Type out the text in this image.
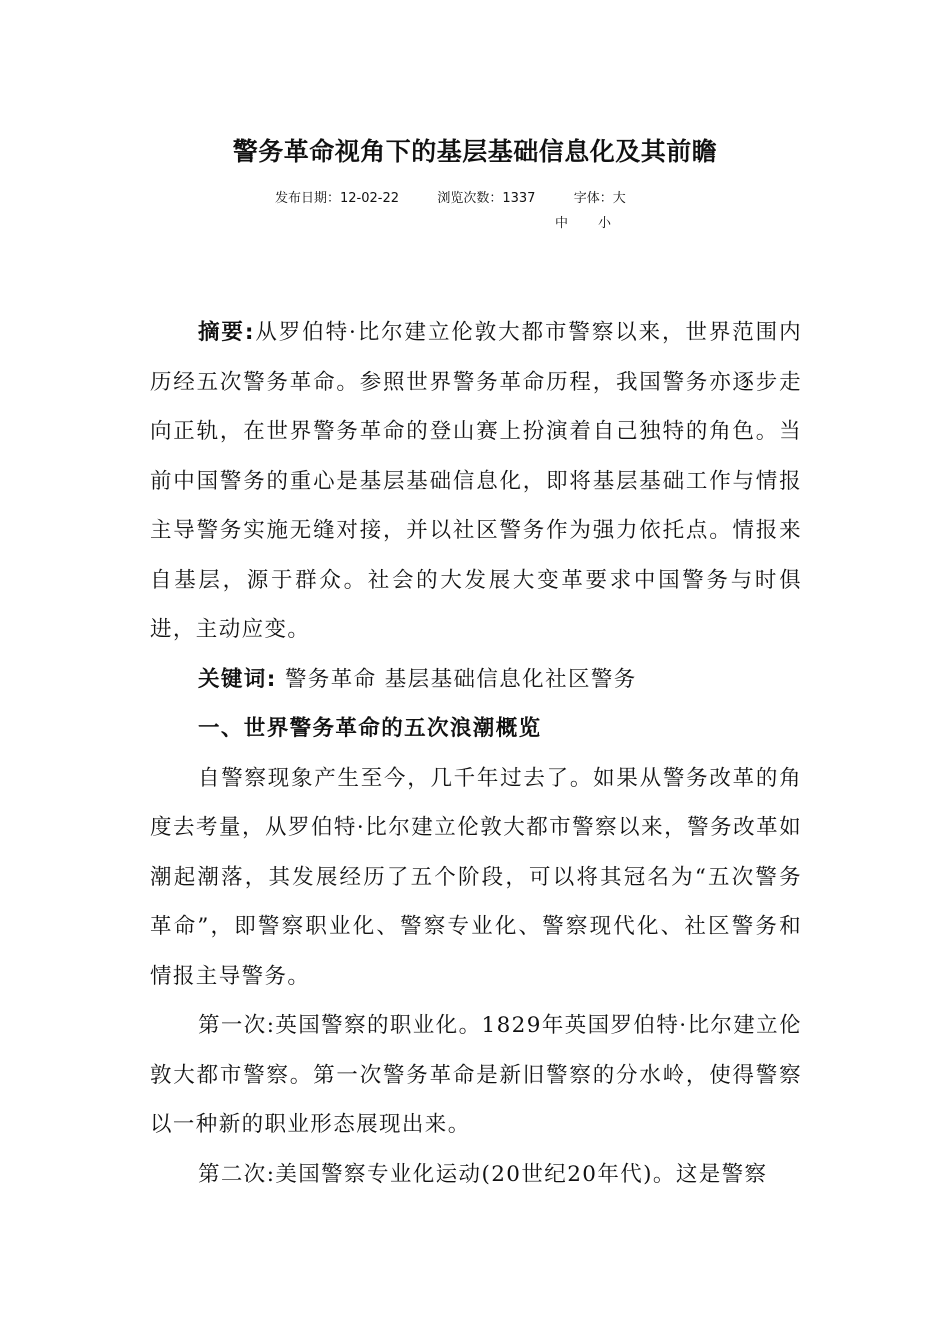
警务革命视角下的基层基础信息化及其前瞻
发布日期：12-02-22	浏览次数：1337	字体：大
中 小

摘要:从罗伯特·比尔建立伦敦大都市警察以来，世界范围内历经五次警务革命。参照世界警务革命历程，我国警务亦逐步走向正轨，在世界警务革命的登山赛上扮演着自己独特的角色。当前中国警务的重心是基层基础信息化，即将基层基础工作与情报主导警务实施无缝对接，并以社区警务作为强力依托点。情报来自基层，源于群众。社会的大发展大变革要求中国警务与时俱进，主动应变。

关键词: 警务革命 基层基础信息化社区警务

一、世界警务革命的五次浪潮概览

自警察现象产生至今，几千年过去了。如果从警务改革的角度去考量，从罗伯特·比尔建立伦敦大都市警察以来，警务改革如潮起潮落，其发展经历了五个阶段，可以将其冠名为“五次警务革命”，即警察职业化、警察专业化、警察现代化、社区警务和情报主导警务。

第一次:英国警察的职业化。1829年英国罗伯特·比尔建立伦敦大都市警察。第一次警务革命是新旧警察的分水岭，使得警察以一种新的职业形态展现出来。

第二次:美国警察专业化运动(20世纪20年代)。这是警察
